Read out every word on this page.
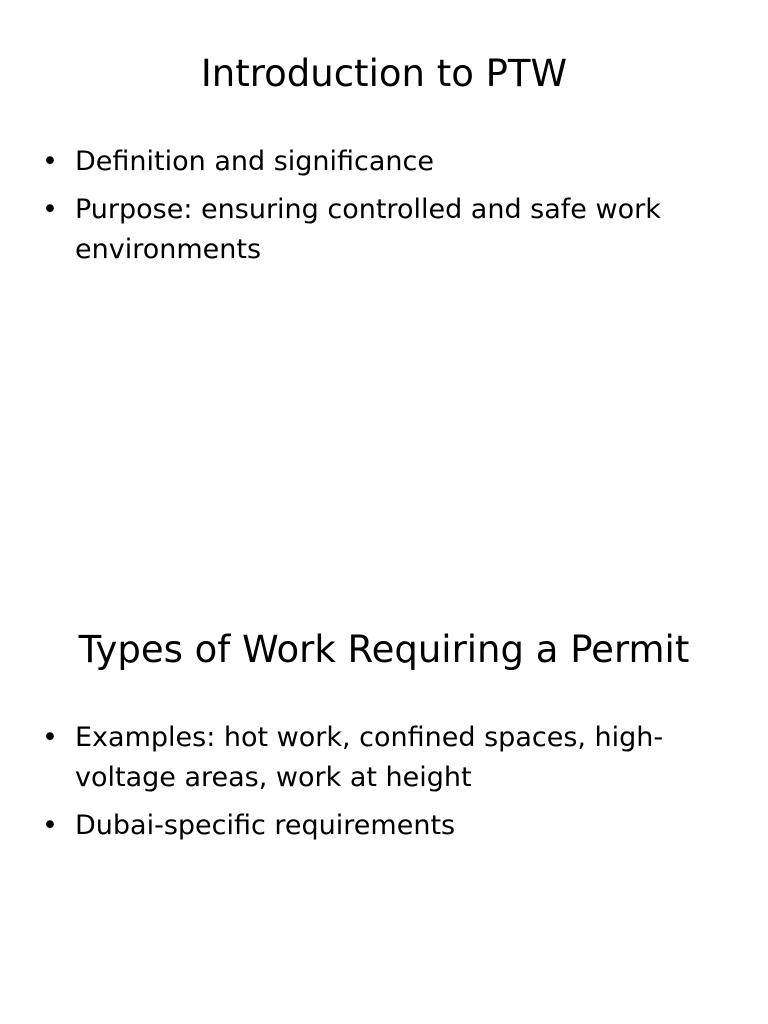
Introduction to PTW
• Definition and significance
• Purpose: ensuring controlled and safe work environments
Types of Work Requiring a Permit
• Examples: hot work, confined spaces, high-voltage areas, work at height
• Dubai-specific requirements
